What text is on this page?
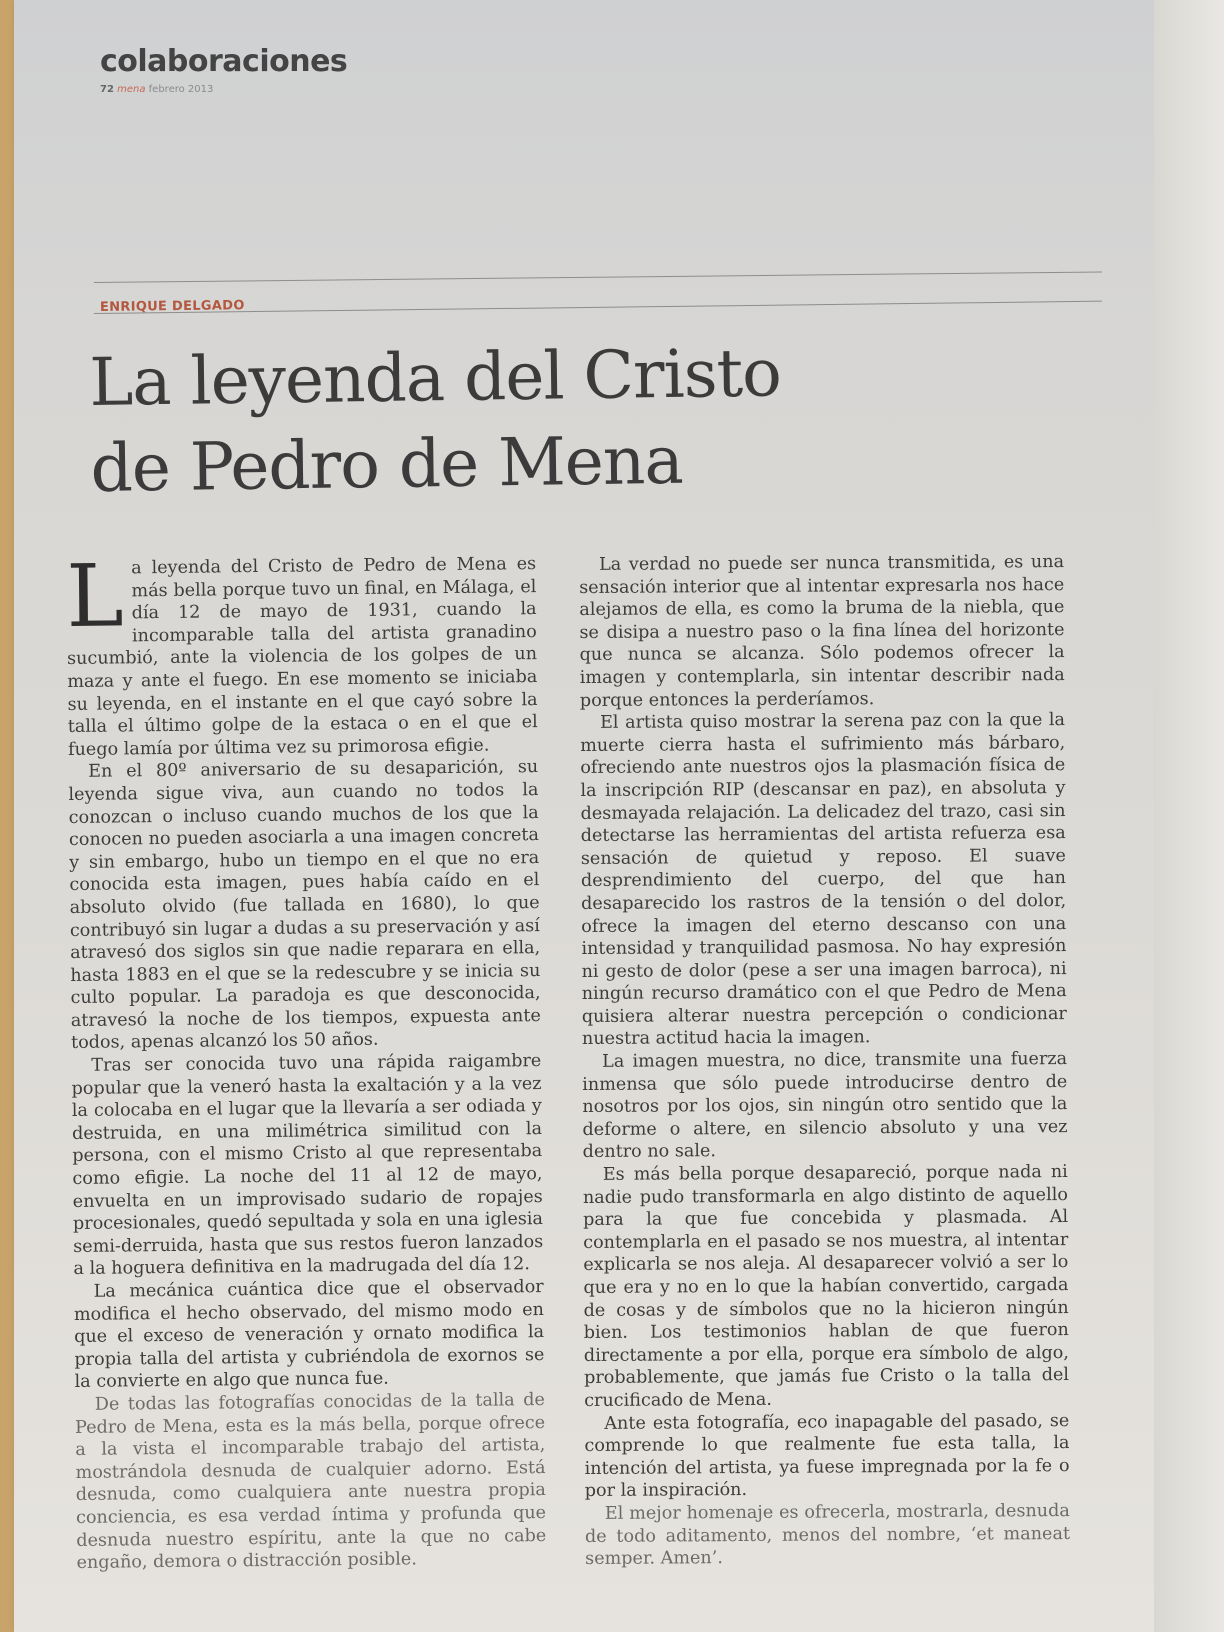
colaboraciones
72 mena febrero 2013
ENRIQUE DELGADO
La leyenda del Cristo
de Pedro de Mena

La leyenda del Cristo de Pedro de Mena es más bella porque tuvo un final, en Málaga, el día 12 de mayo de 1931, cuando la incomparable talla del artista granadino sucumbió, ante la violencia de los golpes de un maza y ante el fuego. En ese momento se iniciaba su leyenda, en el instante en el que cayó sobre la talla el último golpe de la estaca o en el que el fuego lamía por última vez su primorosa efigie.

En el 80º aniversario de su desaparición, su leyenda sigue viva, aun cuando no todos la conozcan o incluso cuando muchos de los que la conocen no pueden asociarla a una imagen concreta y sin embargo, hubo un tiempo en el que no era conocida esta imagen, pues había caído en el absoluto olvido (fue tallada en 1680), lo que contribuyó sin lugar a dudas a su preservación y así atravesó dos siglos sin que nadie reparara en ella, hasta 1883 en el que se la redescubre y se inicia su culto popular. La paradoja es que desconocida, atravesó la noche de los tiempos, expuesta ante todos, apenas alcanzó los 50 años.

Tras ser conocida tuvo una rápida raigambre popular que la veneró hasta la exaltación y a la vez la colocaba en el lugar que la llevaría a ser odiada y destruida, en una milimétrica similitud con la persona, con el mismo Cristo al que representaba como efigie. La noche del 11 al 12 de mayo, envuelta en un improvisado sudario de ropajes procesionales, quedó sepultada y sola en una iglesia semi-derruida, hasta que sus restos fueron lanzados a la hoguera definitiva en la madrugada del día 12.

La mecánica cuántica dice que el observador modifica el hecho observado, del mismo modo en que el exceso de veneración y ornato modifica la propia talla del artista y cubriéndola de exornos se la convierte en algo que nunca fue.

De todas las fotografías conocidas de la talla de Pedro de Mena, esta es la más bella, porque ofrece a la vista el incomparable trabajo del artista, mostrándola desnuda de cualquier adorno. Está desnuda, como cualquiera ante nuestra propia conciencia, es esa verdad íntima y profunda que desnuda nuestro espíritu, ante la que no cabe engaño, demora o distracción posible.

La verdad no puede ser nunca transmitida, es una sensación interior que al intentar expresarla nos hace alejamos de ella, es como la bruma de la niebla, que se disipa a nuestro paso o la fina línea del horizonte que nunca se alcanza. Sólo podemos ofrecer la imagen y contemplarla, sin intentar describir nada porque entonces la perderíamos.

El artista quiso mostrar la serena paz con la que la muerte cierra hasta el sufrimiento más bárbaro, ofreciendo ante nuestros ojos la plasmación física de la inscripción RIP (descansar en paz), en absoluta y desmayada relajación. La delicadez del trazo, casi sin detectarse las herramientas del artista refuerza esa sensación de quietud y reposo. El suave desprendimiento del cuerpo, del que han desaparecido los rastros de la tensión o del dolor, ofrece la imagen del eterno descanso con una intensidad y tranquilidad pasmosa. No hay expresión ni gesto de dolor (pese a ser una imagen barroca), ni ningún recurso dramático con el que Pedro de Mena quisiera alterar nuestra percepción o condicionar nuestra actitud hacia la imagen.

La imagen muestra, no dice, transmite una fuerza inmensa que sólo puede introducirse dentro de nosotros por los ojos, sin ningún otro sentido que la deforme o altere, en silencio absoluto y una vez dentro no sale.

Es más bella porque desapareció, porque nada ni nadie pudo transformarla en algo distinto de aquello para la que fue concebida y plasmada. Al contemplarla en el pasado se nos muestra, al intentar explicarla se nos aleja. Al desaparecer volvió a ser lo que era y no en lo que la habían convertido, cargada de cosas y de símbolos que no la hicieron ningún bien. Los testimonios hablan de que fueron directamente a por ella, porque era símbolo de algo, probablemente, que jamás fue Cristo o la talla del crucificado de Mena.

Ante esta fotografía, eco inapagable del pasado, se comprende lo que realmente fue esta talla, la intención del artista, ya fuese impregnada por la fe o por la inspiración.

El mejor homenaje es ofrecerla, mostrarla, desnuda de todo aditamento, menos del nombre, ‘et maneat semper. Amen’.
